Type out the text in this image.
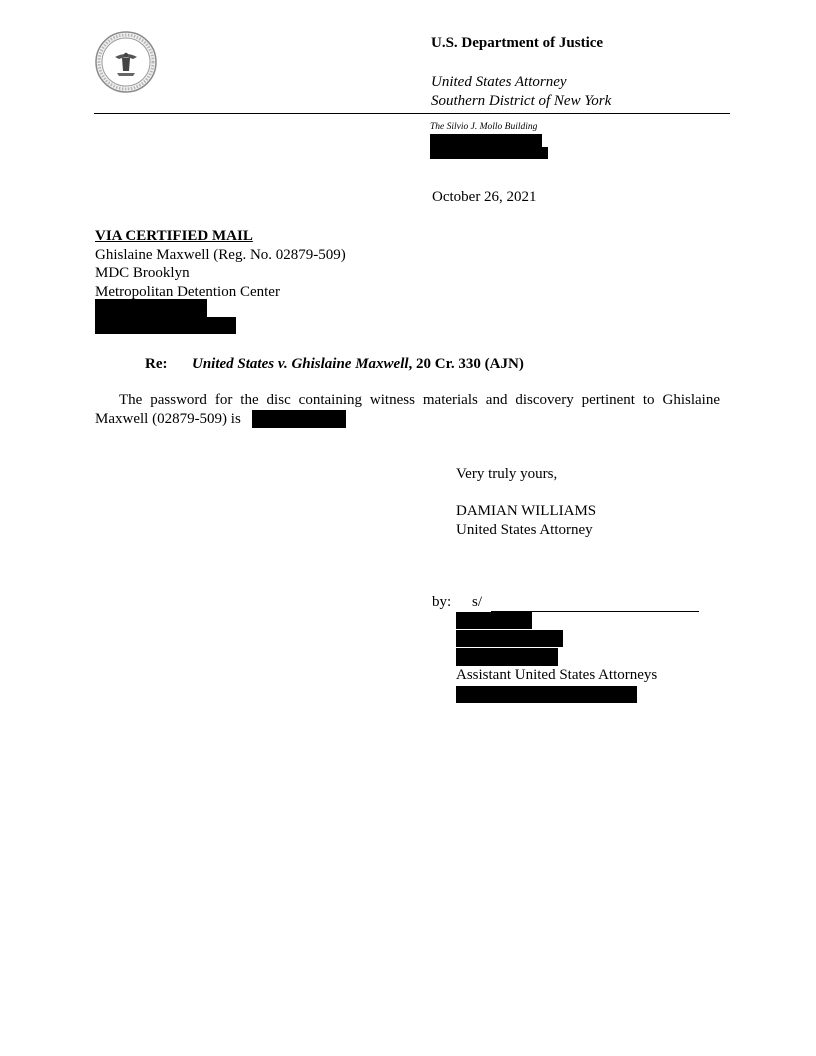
U.S. Department of Justice
United States Attorney
Southern District of New York
The Silvio J. Mollo Building
October 26, 2021
VIA CERTIFIED MAIL
Ghislaine Maxwell (Reg. No. 02879-509)
MDC Brooklyn
Metropolitan Detention Center
Re: United States v. Ghislaine Maxwell, 20 Cr. 330 (AJN)
The password for the disc containing witness materials and discovery pertinent to Ghislaine Maxwell (02879-509) is
Very truly yours,
DAMIAN WILLIAMS
United States Attorney
by: s/
Assistant United States Attorneys
